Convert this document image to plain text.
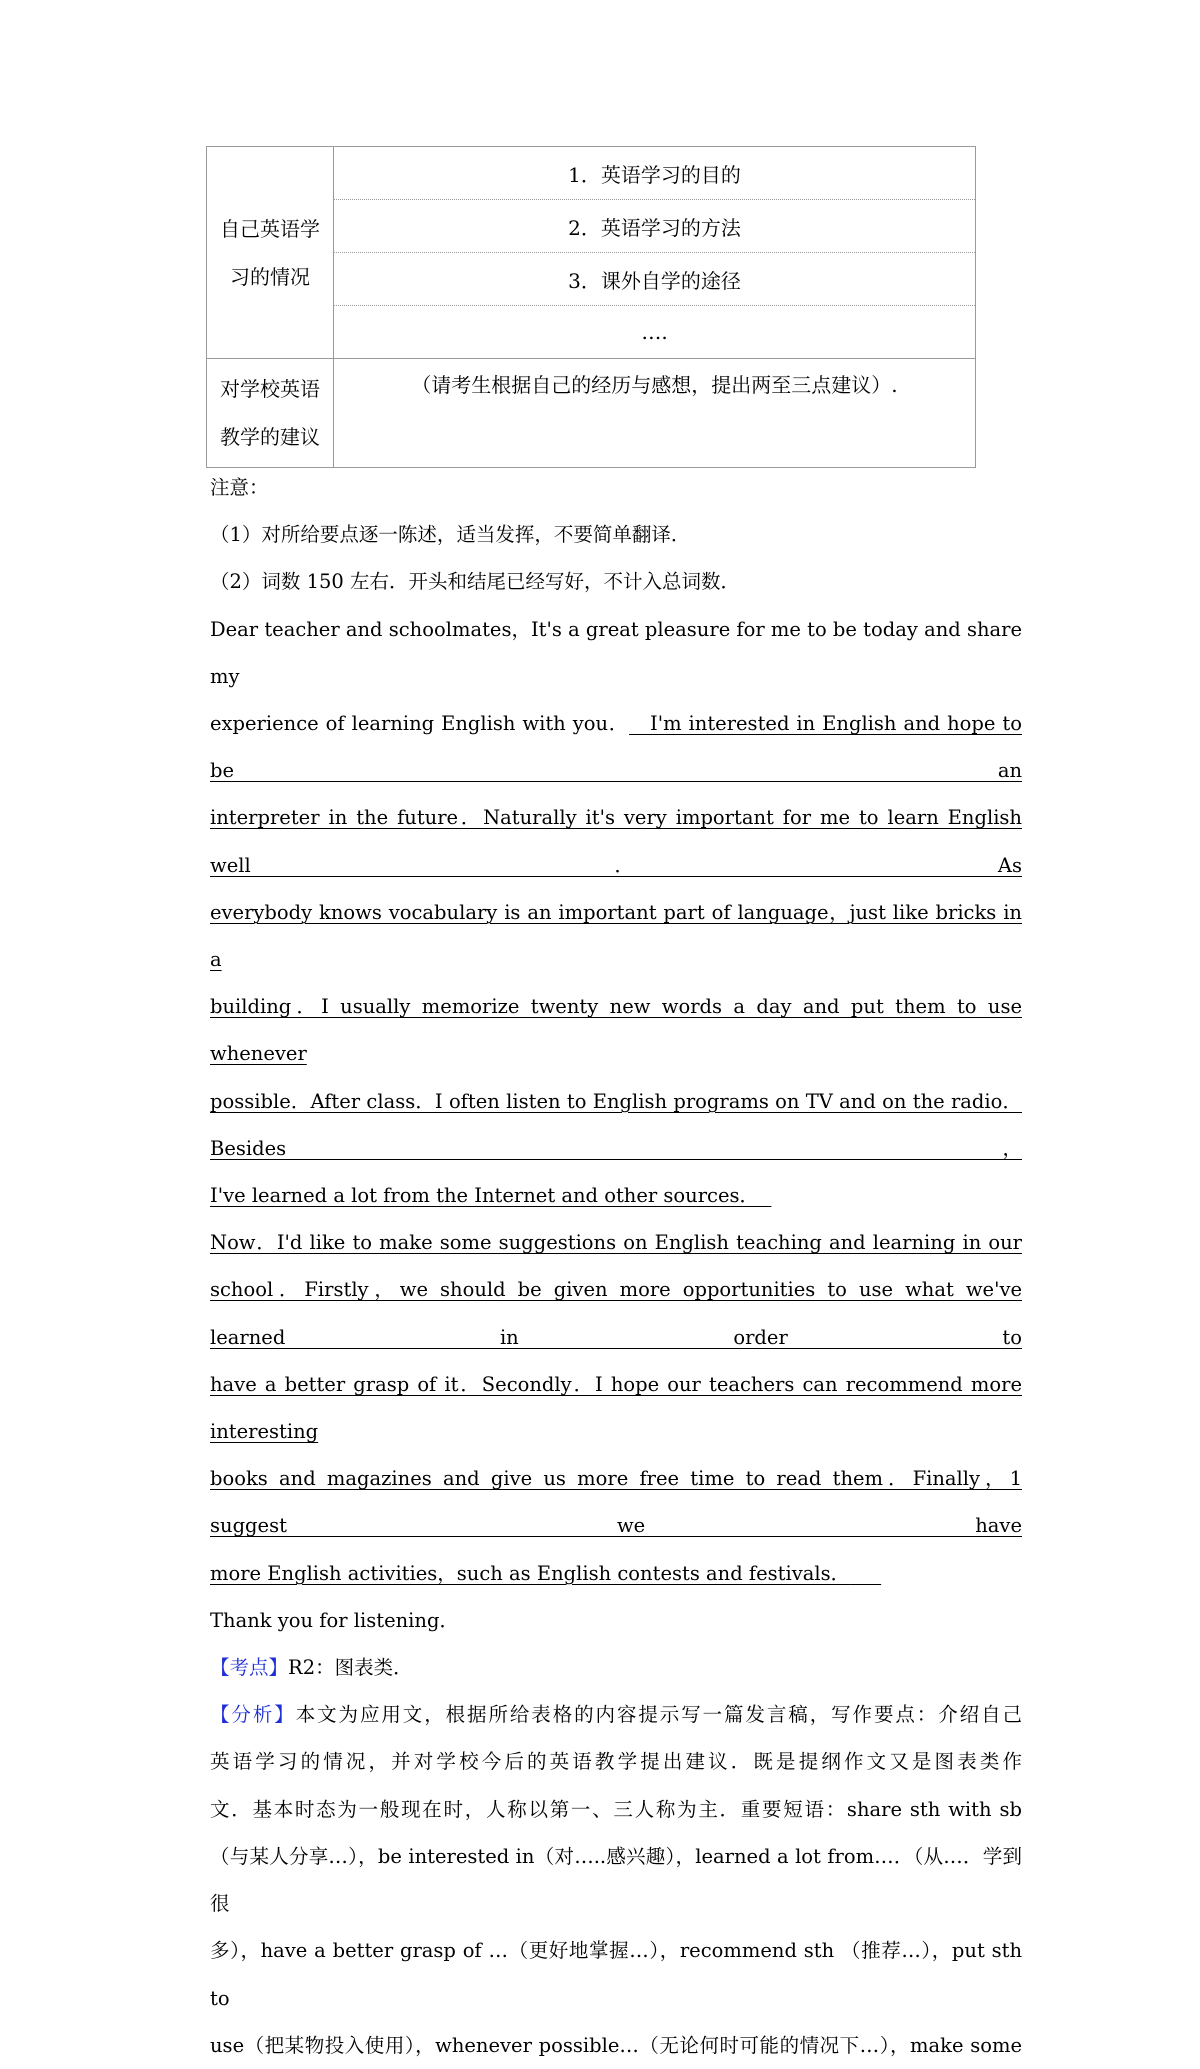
自己英语学
习的情况	1．英语学习的目的
	2．英语学习的方法
	3．课外自学的途径
	….

对学校英语
教学的建议	（请考生根据自己的经历与感想，提出两至三点建议）.

注意：

（1）对所给要点逐一陈述，适当发挥，不要简单翻译．

（2）词数 150 左右．开头和结尾已经写好，不计入总词数．

Dear teacher and schoolmates，It's a great pleasure for me to be today and share my

experience of learning English with you． I'm interested in English and hope to be an

interpreter in the future．Naturally it's very important for me to learn English well．As

everybody knows vocabulary is an important part of language，just like bricks in a

building．I usually memorize twenty new words a day and put them to use whenever

possible．After class．I often listen to English programs on TV and on the radio．Besides，

I've learned a lot from the Internet and other sources．

Now．I'd like to make some suggestions on English teaching and learning in our

school．Firstly，we should be given more opportunities to use what we've learned in order to

have a better grasp of it．Secondly．I hope our teachers can recommend more interesting

books and magazines and give us more free time to read them．Finally，1 suggest we have

more English activities，such as English contests and festivals．

Thank you for listening．

【考点】R2：图表类．

【分析】本文为应用文，根据所给表格的内容提示写一篇发言稿，写作要点：介绍自己

英语学习的情况，并对学校今后的英语教学提出建议．既是提纲作文又是图表类作

文．基本时态为一般现在时，人称以第一、三人称为主．重要短语：share sth with sb

（与某人分享…），be interested in（对…..感兴趣），learned a lot from…．（从…．学到很

多），have a better grasp of …（更好地掌握…），recommend sth （推荐…），put sth to

use（把某物投入使用），whenever possible…（无论何时可能的情况下…），make some
